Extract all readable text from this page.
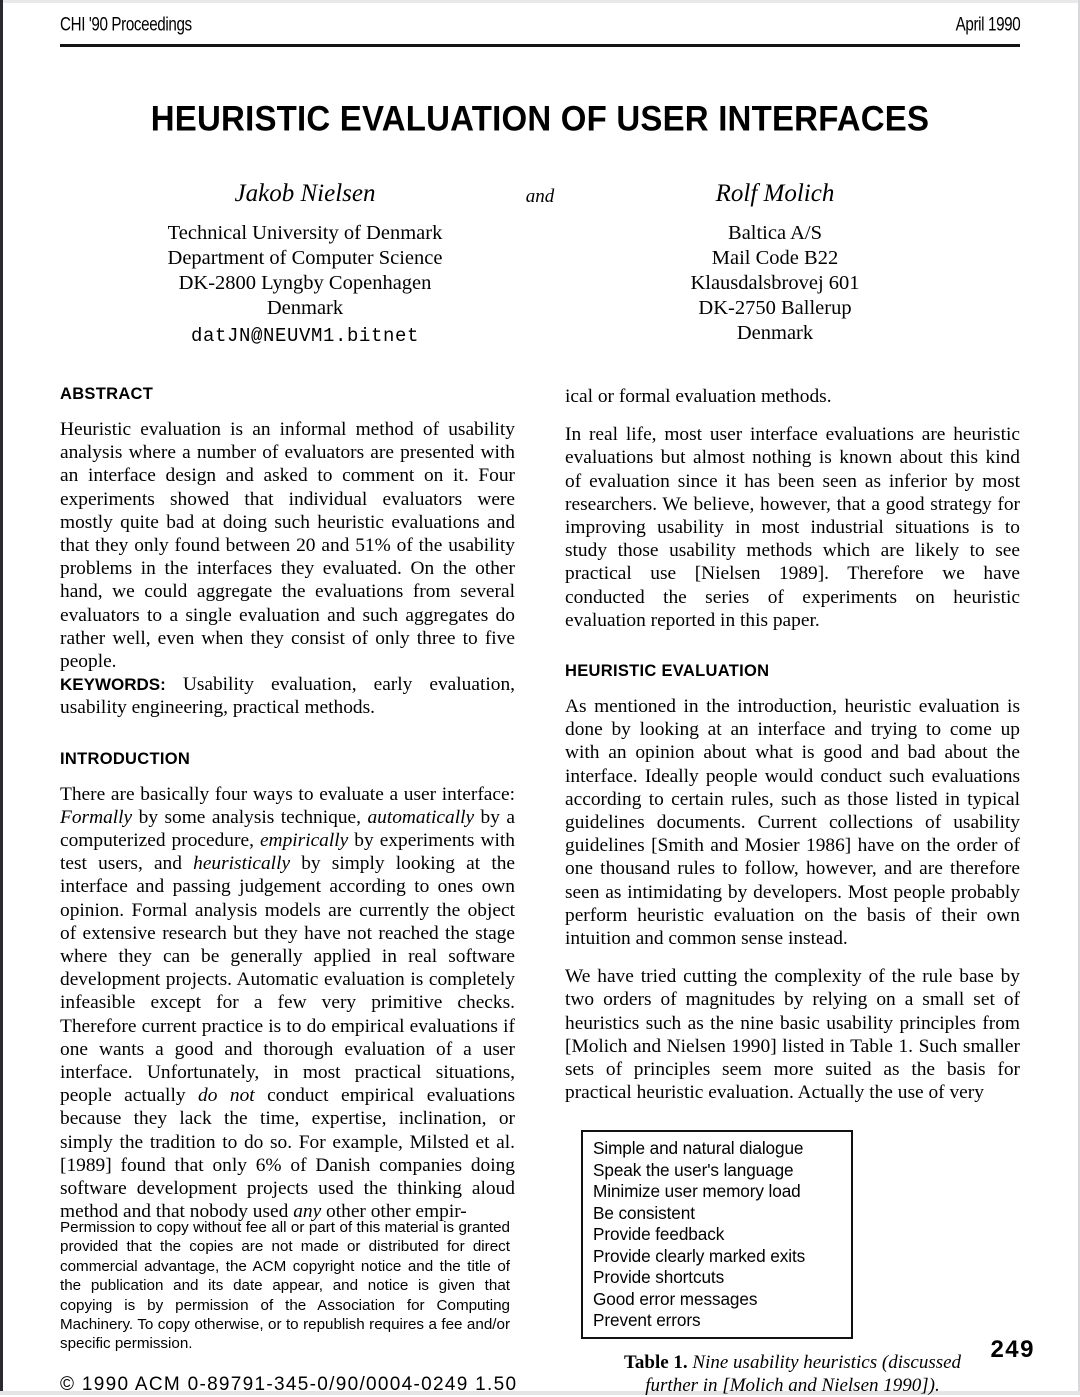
CHI '90 Proceedings	April 1990
HEURISTIC EVALUATION OF USER INTERFACES
Jakob Nielsen
Technical University of Denmark
Department of Computer Science
DK-2800 Lyngby Copenhagen
Denmark
datJN@NEUVM1.bitnet
and	Rolf Molich
Baltica A/S
Mail Code B22
Klausdalsbrovej 601
DK-2750 Ballerup
Denmark
ABSTRACT

Heuristic evaluation is an informal method of usability analysis where a number of evaluators are presented with an interface design and asked to comment on it. Four experiments showed that individual evaluators were mostly quite bad at doing such heuristic evaluations and that they only found between 20 and 51% of the usability problems in the interfaces they evaluated. On the other hand, we could aggregate the evaluations from several evaluators to a single evaluation and such aggregates do rather well, even when they consist of only three to five people.

KEYWORDS: Usability evaluation, early evaluation, usability engineering, practical methods.

INTRODUCTION

There are basically four ways to evaluate a user interface: Formally by some analysis technique, automatically by a computerized procedure, empirically by experiments with test users, and heuristically by simply looking at the interface and passing judgement according to ones own opinion. Formal analysis models are currently the object of extensive research but they have not reached the stage where they can be generally applied in real software development projects. Automatic evaluation is completely infeasible except for a few very primitive checks. Therefore current practice is to do empirical evaluations if one wants a good and thorough evaluation of a user interface. Unfortunately, in most practical situations, people actually do not conduct empirical evaluations because they lack the time, expertise, inclination, or simply the tradition to do so. For example, Milsted et al. [1989] found that only 6% of Danish companies doing software development projects used the thinking aloud method and that nobody used any other other empir-

ical or formal evaluation methods.

In real life, most user interface evaluations are heuristic evaluations but almost nothing is known about this kind of evaluation since it has been seen as inferior by most researchers. We believe, however, that a good strategy for improving usability in most industrial situations is to study those usability methods which are likely to see practical use [Nielsen 1989]. Therefore we have conducted the series of experiments on heuristic evaluation reported in this paper.

HEURISTIC EVALUATION

As mentioned in the introduction, heuristic evaluation is done by looking at an interface and trying to come up with an opinion about what is good and bad about the interface. Ideally people would conduct such evaluations according to certain rules, such as those listed in typical guidelines documents. Current collections of usability guidelines [Smith and Mosier 1986] have on the order of one thousand rules to follow, however, and are therefore seen as intimidating by developers. Most people probably perform heuristic evaluation on the basis of their own intuition and common sense instead.

We have tried cutting the complexity of the rule base by two orders of magnitudes by relying on a small set of heuristics such as the nine basic usability principles from [Molich and Nielsen 1990] listed in Table 1. Such smaller sets of principles seem more suited as the basis for practical heuristic evaluation. Actually the use of very

Simple and natural dialogue
Speak the user's language
Minimize user memory load
Be consistent
Provide feedback
Provide clearly marked exits
Provide shortcuts
Good error messages
Prevent errors
Table 1. Nine usability heuristics (discussed
further in [Molich and Nielsen 1990]).

Permission to copy without fee all or part of this material is granted provided that the copies are not made or distributed for direct commercial advantage, the ACM copyright notice and the title of the publication and its date appear, and notice is given that copying is by permission of the Association for Computing Machinery. To copy otherwise, or to republish requires a fee and/or specific permission.

© 1990 ACM 0-89791-345-0/90/0004-0249 1.50
249
